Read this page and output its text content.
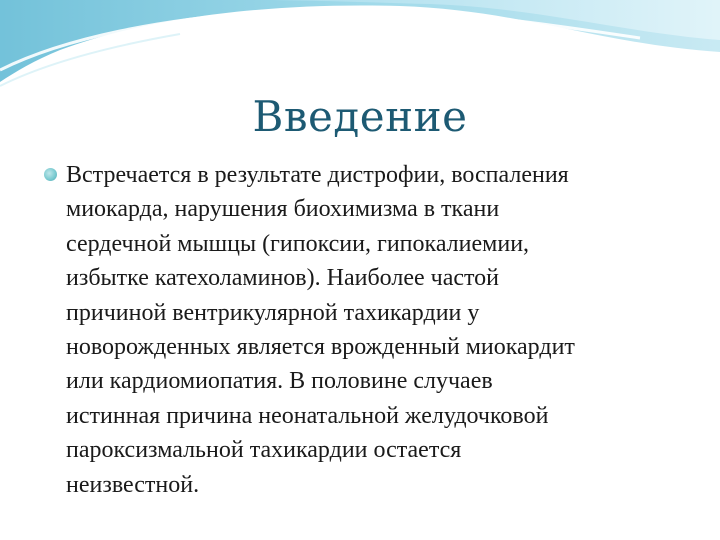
Введение
Встречается в результате дистрофии, воспаления
миокарда, нарушения биохимизма в ткани
сердечной мышцы (гипоксии, гипокалиемии,
избытке катехоламинов). Наиболее частой
причиной вентрикулярной тахикардии у
новорожденных является врожденный миокардит
или кардиомиопатия. В половине случаев
истинная причина неонатальной желудочковой
пароксизмальной тахикардии остается
неизвестной.
